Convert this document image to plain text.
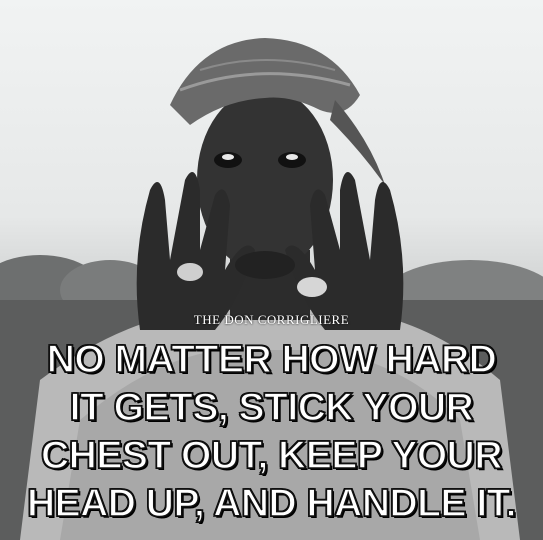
THE DON CORRIGLIERE
NO MATTER HOW HARD
IT GETS, STICK YOUR
CHEST OUT, KEEP YOUR
HEAD UP, AND HANDLE IT.
